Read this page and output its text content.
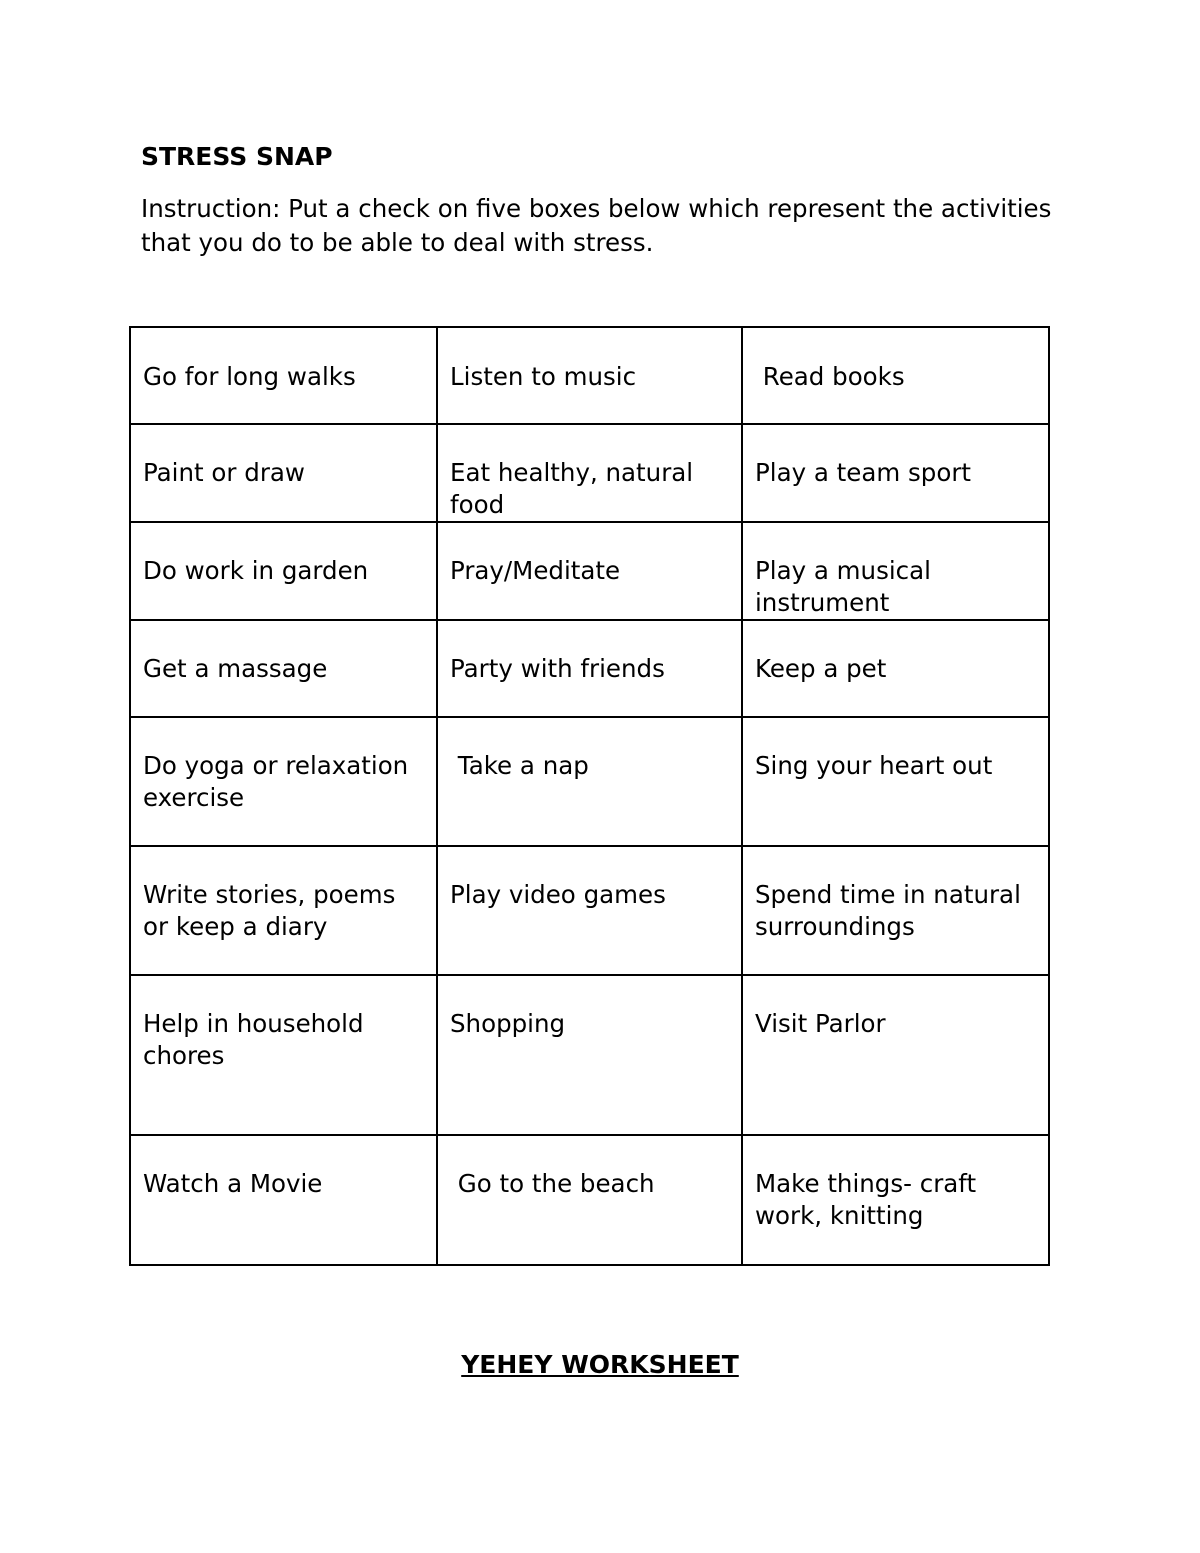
STRESS SNAP
Instruction: Put a check on five boxes below which represent the activities that you do to be able to deal with stress.
Go for long walks	Listen to music	Read books
Paint or draw	Eat healthy, natural food	Play a team sport
Do work in garden	Pray/Meditate	Play a musical instrument
Get a massage	Party with friends	Keep a pet
Do yoga or relaxation exercise	Take a nap	Sing your heart out
Write stories, poems or keep a diary	Play video games	Spend time in natural surroundings
Help in household chores	Shopping	Visit Parlor
Watch a Movie	Go to the beach	Make things- craft work, knitting
YEHEY WORKSHEET
